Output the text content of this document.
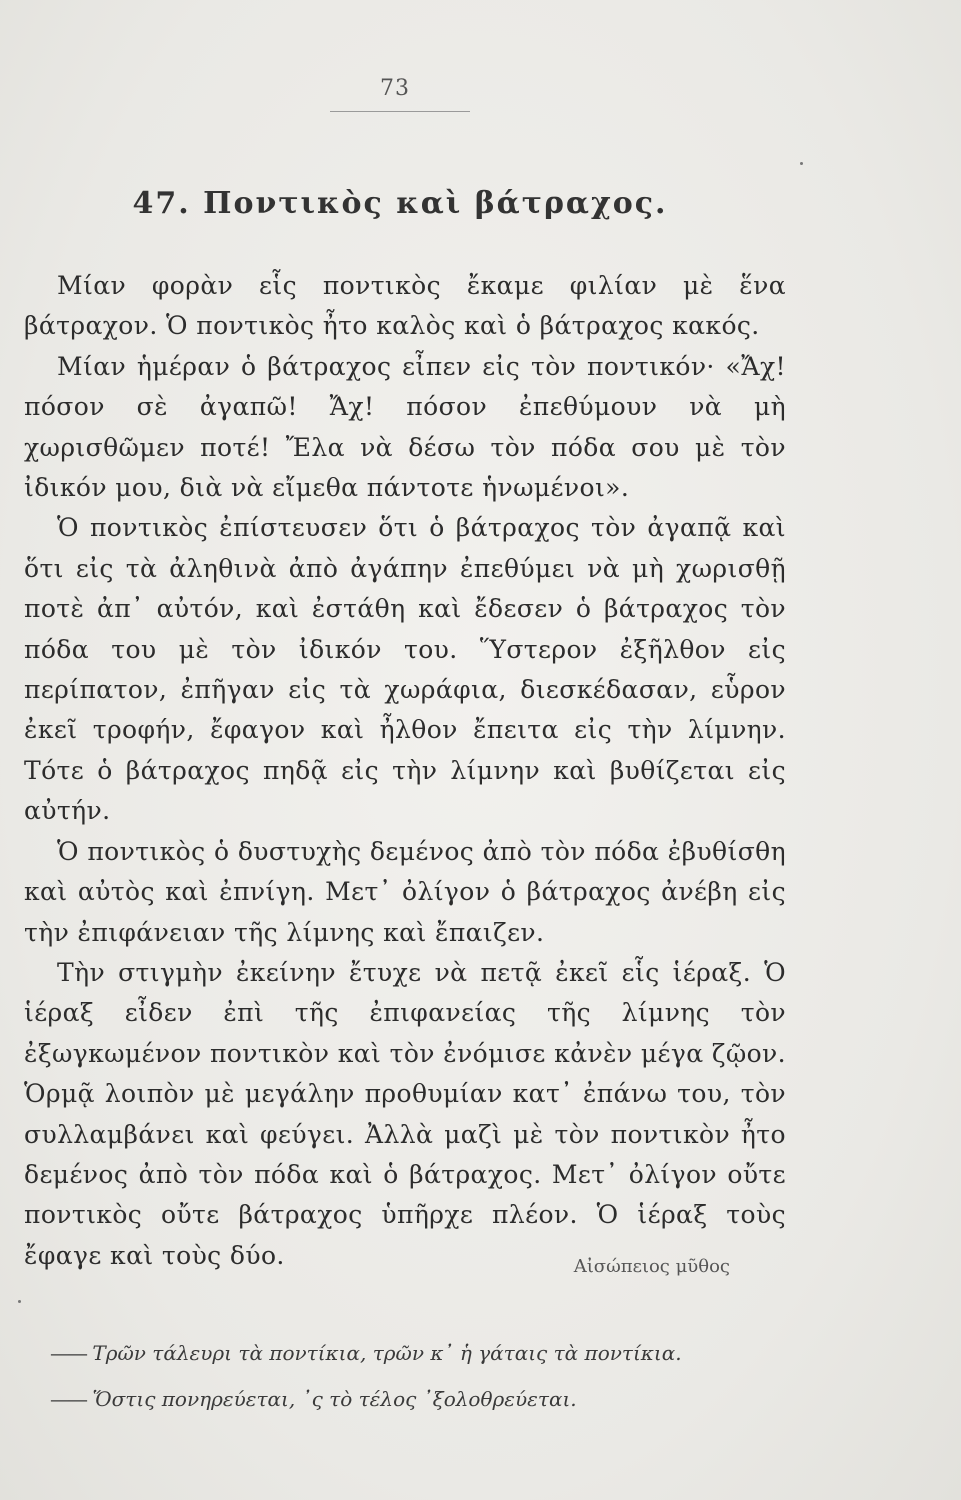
73
47. Ποντικὸς καὶ βάτραχος.

Μίαν φορὰν εἷς ποντικὸς ἔκαμε φιλίαν μὲ ἕνα βάτραχον. Ὁ ποντικὸς ἦτο καλὸς καὶ ὁ βάτραχος κακός.

Μίαν ἡμέραν ὁ βάτραχος εἶπεν εἰς τὸν ποντικόν· «Ἄχ! πόσον σὲ ἀγαπῶ! Ἄχ! πόσον ἐπεθύμουν νὰ μὴ χωρισθῶμεν ποτέ! Ἔλα νὰ δέσω τὸν πόδα σου μὲ τὸν ἰδικόν μου, διὰ νὰ εἴμεθα πάντοτε ἡνωμένοι».

Ὁ ποντικὸς ἐπίστευσεν ὅτι ὁ βάτραχος τὸν ἀγαπᾷ καὶ ὅτι εἰς τὰ ἀληθινὰ ἀπὸ ἀγάπην ἐπεθύμει νὰ μὴ χωρισθῇ ποτὲ ἀπ᾽ αὐτόν, καὶ ἐστάθη καὶ ἔδεσεν ὁ βάτραχος τὸν πόδα του μὲ τὸν ἰδικόν του. Ὕστερον ἐξῆλθον εἰς περίπατον, ἐπῆγαν εἰς τὰ χωράφια, διεσκέδασαν, εὗρον ἐκεῖ τροφήν, ἔφαγον καὶ ἦλθον ἔπειτα εἰς τὴν λίμνην. Τότε ὁ βάτραχος πηδᾷ εἰς τὴν λίμνην καὶ βυθίζεται εἰς αὐτήν.

Ὁ ποντικὸς ὁ δυστυχὴς δεμένος ἀπὸ τὸν πόδα ἐβυθίσθη καὶ αὐτὸς καὶ ἐπνίγη. Μετ᾽ ὀλίγον ὁ βάτραχος ἀνέβη εἰς τὴν ἐπιφάνειαν τῆς λίμνης καὶ ἔπαιζεν.

Τὴν στιγμὴν ἐκείνην ἔτυχε νὰ πετᾷ ἐκεῖ εἷς ἱέραξ. Ὁ ἱέραξ εἶδεν ἐπὶ τῆς ἐπιφανείας τῆς λίμνης τὸν ἐξωγκωμένον ποντικὸν καὶ τὸν ἐνόμισε κἀνὲν μέγα ζῷον. Ὁρμᾷ λοιπὸν μὲ μεγάλην προθυμίαν κατ᾽ ἐπάνω του, τὸν συλλαμβάνει καὶ φεύγει. Ἀλλὰ μαζὶ μὲ τὸν ποντικὸν ἦτο δεμένος ἀπὸ τὸν πόδα καὶ ὁ βάτραχος. Μετ᾽ ὀλίγον οὔτε ποντικὸς οὔτε βάτραχος ὑπῆρχε πλέον. Ὁ ἱέραξ τοὺς ἔφαγε καὶ τοὺς δύο.	Αἰσώπειος μῦθος
—— Τρῶν τάλευρι τὰ ποντίκια, τρῶν κ᾽ ἡ γάταις τὰ ποντίκια.
—— Ὅστις πονηρεύεται, ᾽ς τὸ τέλος ᾽ξολοθρεύεται.
